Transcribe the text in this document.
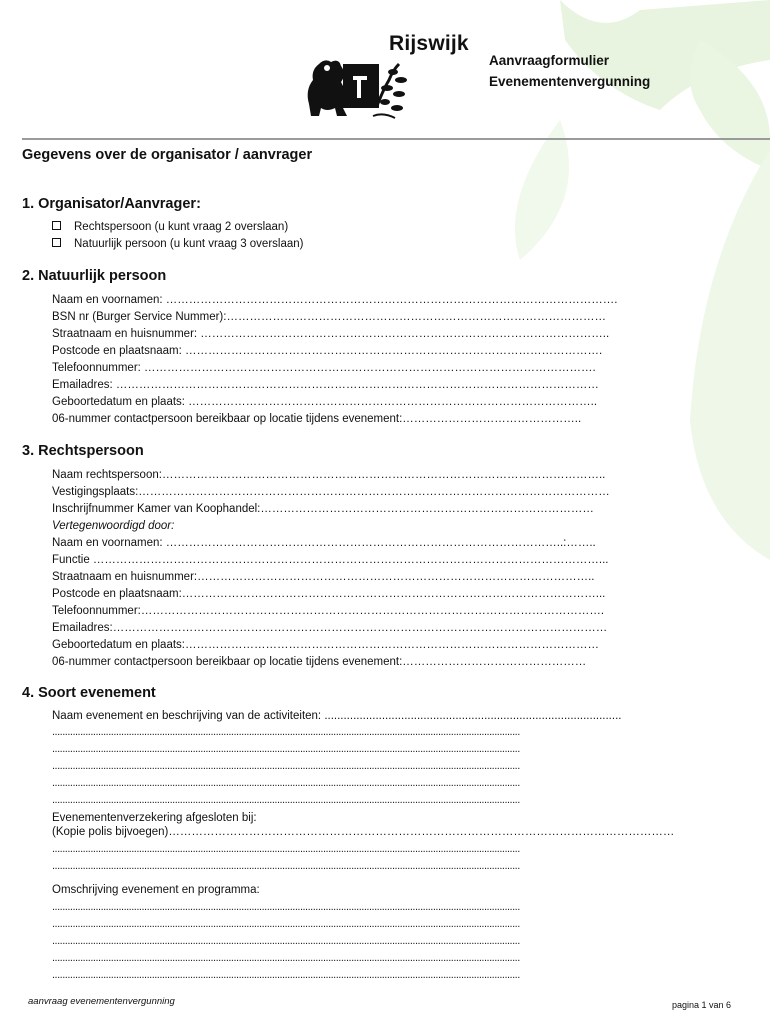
Rijswijk
Aanvraagformulier
Evenementenvergunning
Gegevens over de organisator / aanvrager
1. Organisator/Aanvrager:
Rechtspersoon (u kunt vraag 2 overslaan)
Natuurlijk persoon (u kunt vraag 3 overslaan)
2. Natuurlijk persoon
Naam en voornamen: ……………………………………………………………………………………………………….
BSN nr (Burger Service Nummer):………………………………………………………………………………………
Straatnaam en huisnummer: ……………………………………………………………………………………………..
Postcode en plaatsnaam: ……………………………………………………………………………………………….
Telefoonnummer: ……………………………………………………………………………………………………….
Emailadres: ………………………………………………………………………………………………………………
Geboortedatum en plaats: ……………………………………………………………………………………………..
06-nummer contactpersoon bereikbaar op locatie tijdens evenement:………………………………………..
3. Rechtspersoon
Naam rechtspersoon:……………………………………………………………………………………………………..
Vestigingsplaats:……………………………………………………………………………………………………………
Inschrijfnummer Kamer van Koophandel:……………………………………………………………………………
Vertegenwoordigd door:
Naam en voornamen: …………………………………………………………………………………………..:……..
Functie ……………………………………………………………………………………………………………………...
Straatnaam en huisnummer:…………………………………………………………………………………………..
Postcode en plaatsnaam:………………………………………………………………………………………………...
Telefoonnummer:………………………………………………………………………………………………………….
Emailadres:…………………………………………………………………………………………………………………
Geboortedatum en plaats:………………………………………………………………………………………………
06-nummer contactpersoon bereikbaar op locatie tijdens evenement:…………………………………………
4. Soort evenement
Naam evenement en beschrijving van de activiteiten: .............................................................................................
.......................................................................................................................................................................................
.......................................................................................................................................................................................
.......................................................................................................................................................................................
.......................................................................................................................................................................................
.......................................................................................................................................................................................
Evenementenverzekering afgesloten bij:
(Kopie polis bijvoegen)……………………………………………………………………………………………………………………
.......................................................................................................................................................................................
.......................................................................................................................................................................................
Omschrijving evenement en programma:
.......................................................................................................................................................................................
.......................................................................................................................................................................................
.......................................................................................................................................................................................
.......................................................................................................................................................................................
.......................................................................................................................................................................................
aanvraag evenementenvergunning	pagina 1 van 6
